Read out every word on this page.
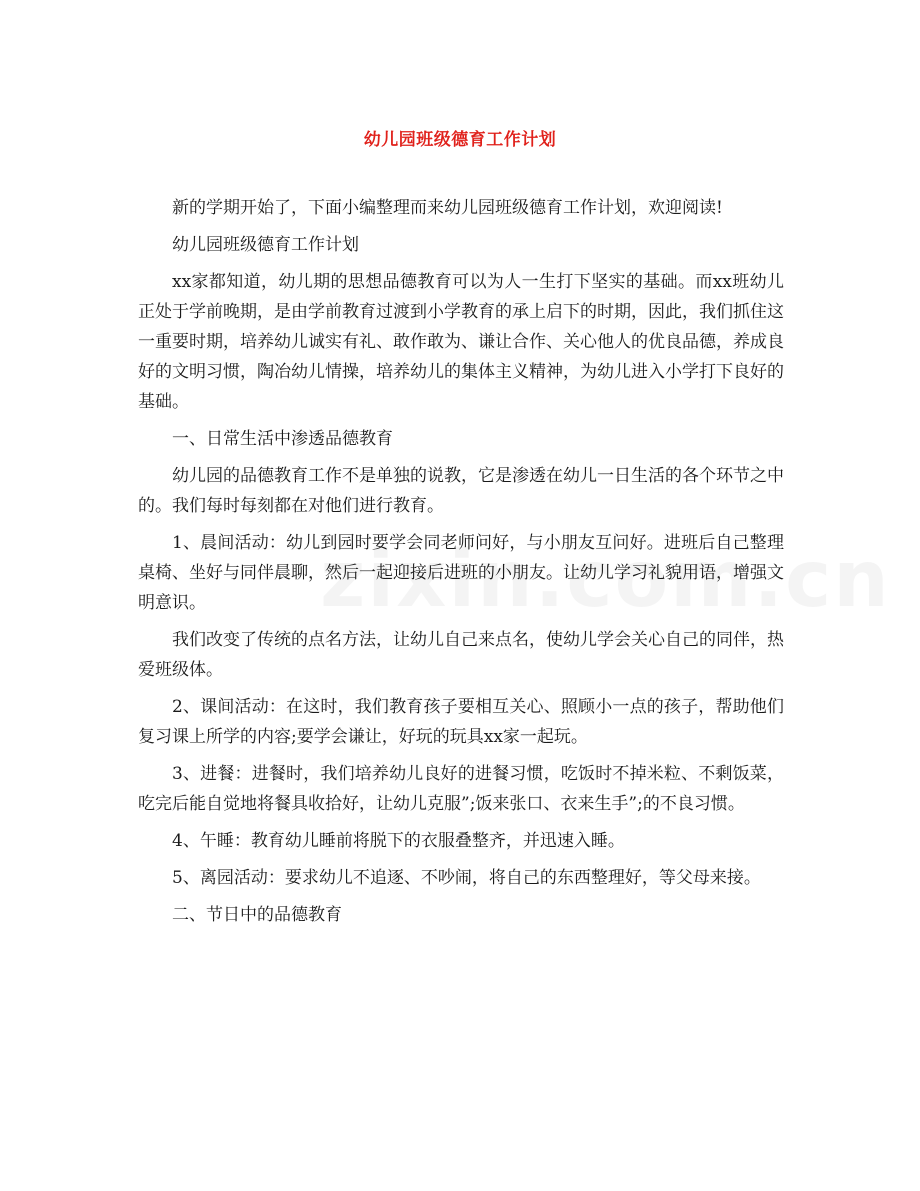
幼儿园班级德育工作计划

新的学期开始了，下面小编整理而来幼儿园班级德育工作计划，欢迎阅读!

幼儿园班级德育工作计划

xx家都知道，幼儿期的思想品德教育可以为人一生打下坚实的基础。而xx班幼儿正处于学前晚期，是由学前教育过渡到小学教育的承上启下的时期，因此，我们抓住这一重要时期，培养幼儿诚实有礼、敢作敢为、谦让合作、关心他人的优良品德，养成良好的文明习惯，陶冶幼儿情操，培养幼儿的集体主义精神，为幼儿进入小学打下良好的基础。

一、日常生活中渗透品德教育

幼儿园的品德教育工作不是单独的说教，它是渗透在幼儿一日生活的各个环节之中的。我们每时每刻都在对他们进行教育。

1、晨间活动：幼儿到园时要学会同老师问好，与小朋友互问好。进班后自己整理桌椅、坐好与同伴晨聊，然后一起迎接后进班的小朋友。让幼儿学习礼貌用语，增强文明意识。

我们改变了传统的点名方法，让幼儿自己来点名，使幼儿学会关心自己的同伴，热爱班级体。

2、课间活动：在这时，我们教育孩子要相互关心、照顾小一点的孩子，帮助他们复习课上所学的内容;要学会谦让，好玩的玩具xx家一起玩。

3、进餐：进餐时，我们培养幼儿良好的进餐习惯，吃饭时不掉米粒、不剩饭菜，吃完后能自觉地将餐具收拾好，让幼儿克服”;饭来张口、衣来生手”;的不良习惯。

4、午睡：教育幼儿睡前将脱下的衣服叠整齐，并迅速入睡。

5、离园活动：要求幼儿不追逐、不吵闹，将自己的东西整理好，等父母来接。

二、节日中的品德教育
